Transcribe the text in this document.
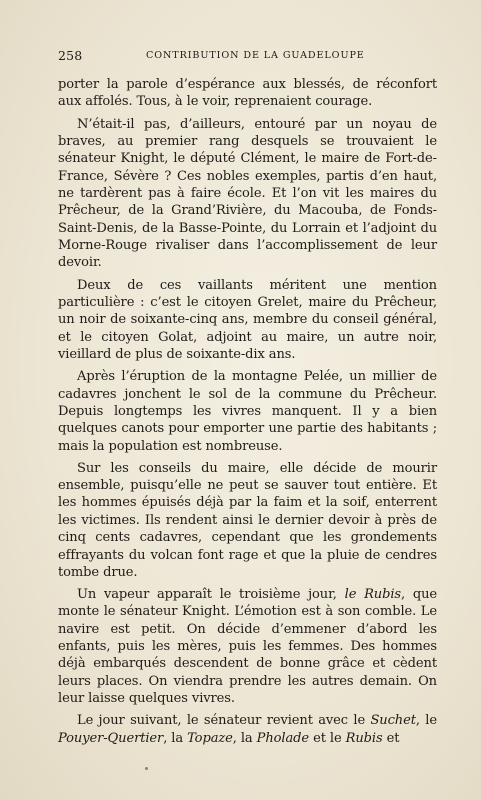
258	CONTRIBUTION DE LA GUADELOUPE

porter la parole d’espérance aux blessés, de réconfort aux affolés. Tous, à le voir, reprenaient courage.

N’était-il pas, d’ailleurs, entouré par un noyau de braves, au premier rang desquels se trouvaient le sénateur Knight, le député Clément, le maire de Fort-de-France, Sévère ? Ces nobles exemples, partis d’en haut, ne tardèrent pas à faire école. Et l’on vit les maires du Prêcheur, de la Grand’Rivière, du Macouba, de Fonds-Saint-Denis, de la Basse-Pointe, du Lorrain et l’adjoint du Morne-Rouge rivaliser dans l’accomplissement de leur devoir.

Deux de ces vaillants méritent une mention particulière : c’est le citoyen Grelet, maire du Prêcheur, un noir de soixante-cinq ans, membre du conseil général, et le citoyen Golat, adjoint au maire, un autre noir, vieillard de plus de soixante-dix ans.

Après l’éruption de la montagne Pelée, un millier de cadavres jonchent le sol de la commune du Prêcheur. Depuis longtemps les vivres manquent. Il y a bien quelques canots pour emporter une partie des habitants ; mais la population est nombreuse.

Sur les conseils du maire, elle décide de mourir ensemble, puisqu’elle ne peut se sauver tout entière. Et les hommes épuisés déjà par la faim et la soif, enterrent les victimes. Ils rendent ainsi le dernier devoir à près de cinq cents cadavres, cependant que les grondements effrayants du volcan font rage et que la pluie de cendres tombe drue.

Un vapeur apparaît le troisième jour, le Rubis, que monte le sénateur Knight. L’émotion est à son comble. Le navire est petit. On décide d’emmener d’abord les enfants, puis les mères, puis les femmes. Des hommes déjà embarqués descendent de bonne grâce et cèdent leurs places. On viendra prendre les autres demain. On leur laisse quelques vivres.

Le jour suivant, le sénateur revient avec le Suchet, le Pouyer-Quertier, la Topaze, la Pholade et le Rubis et
